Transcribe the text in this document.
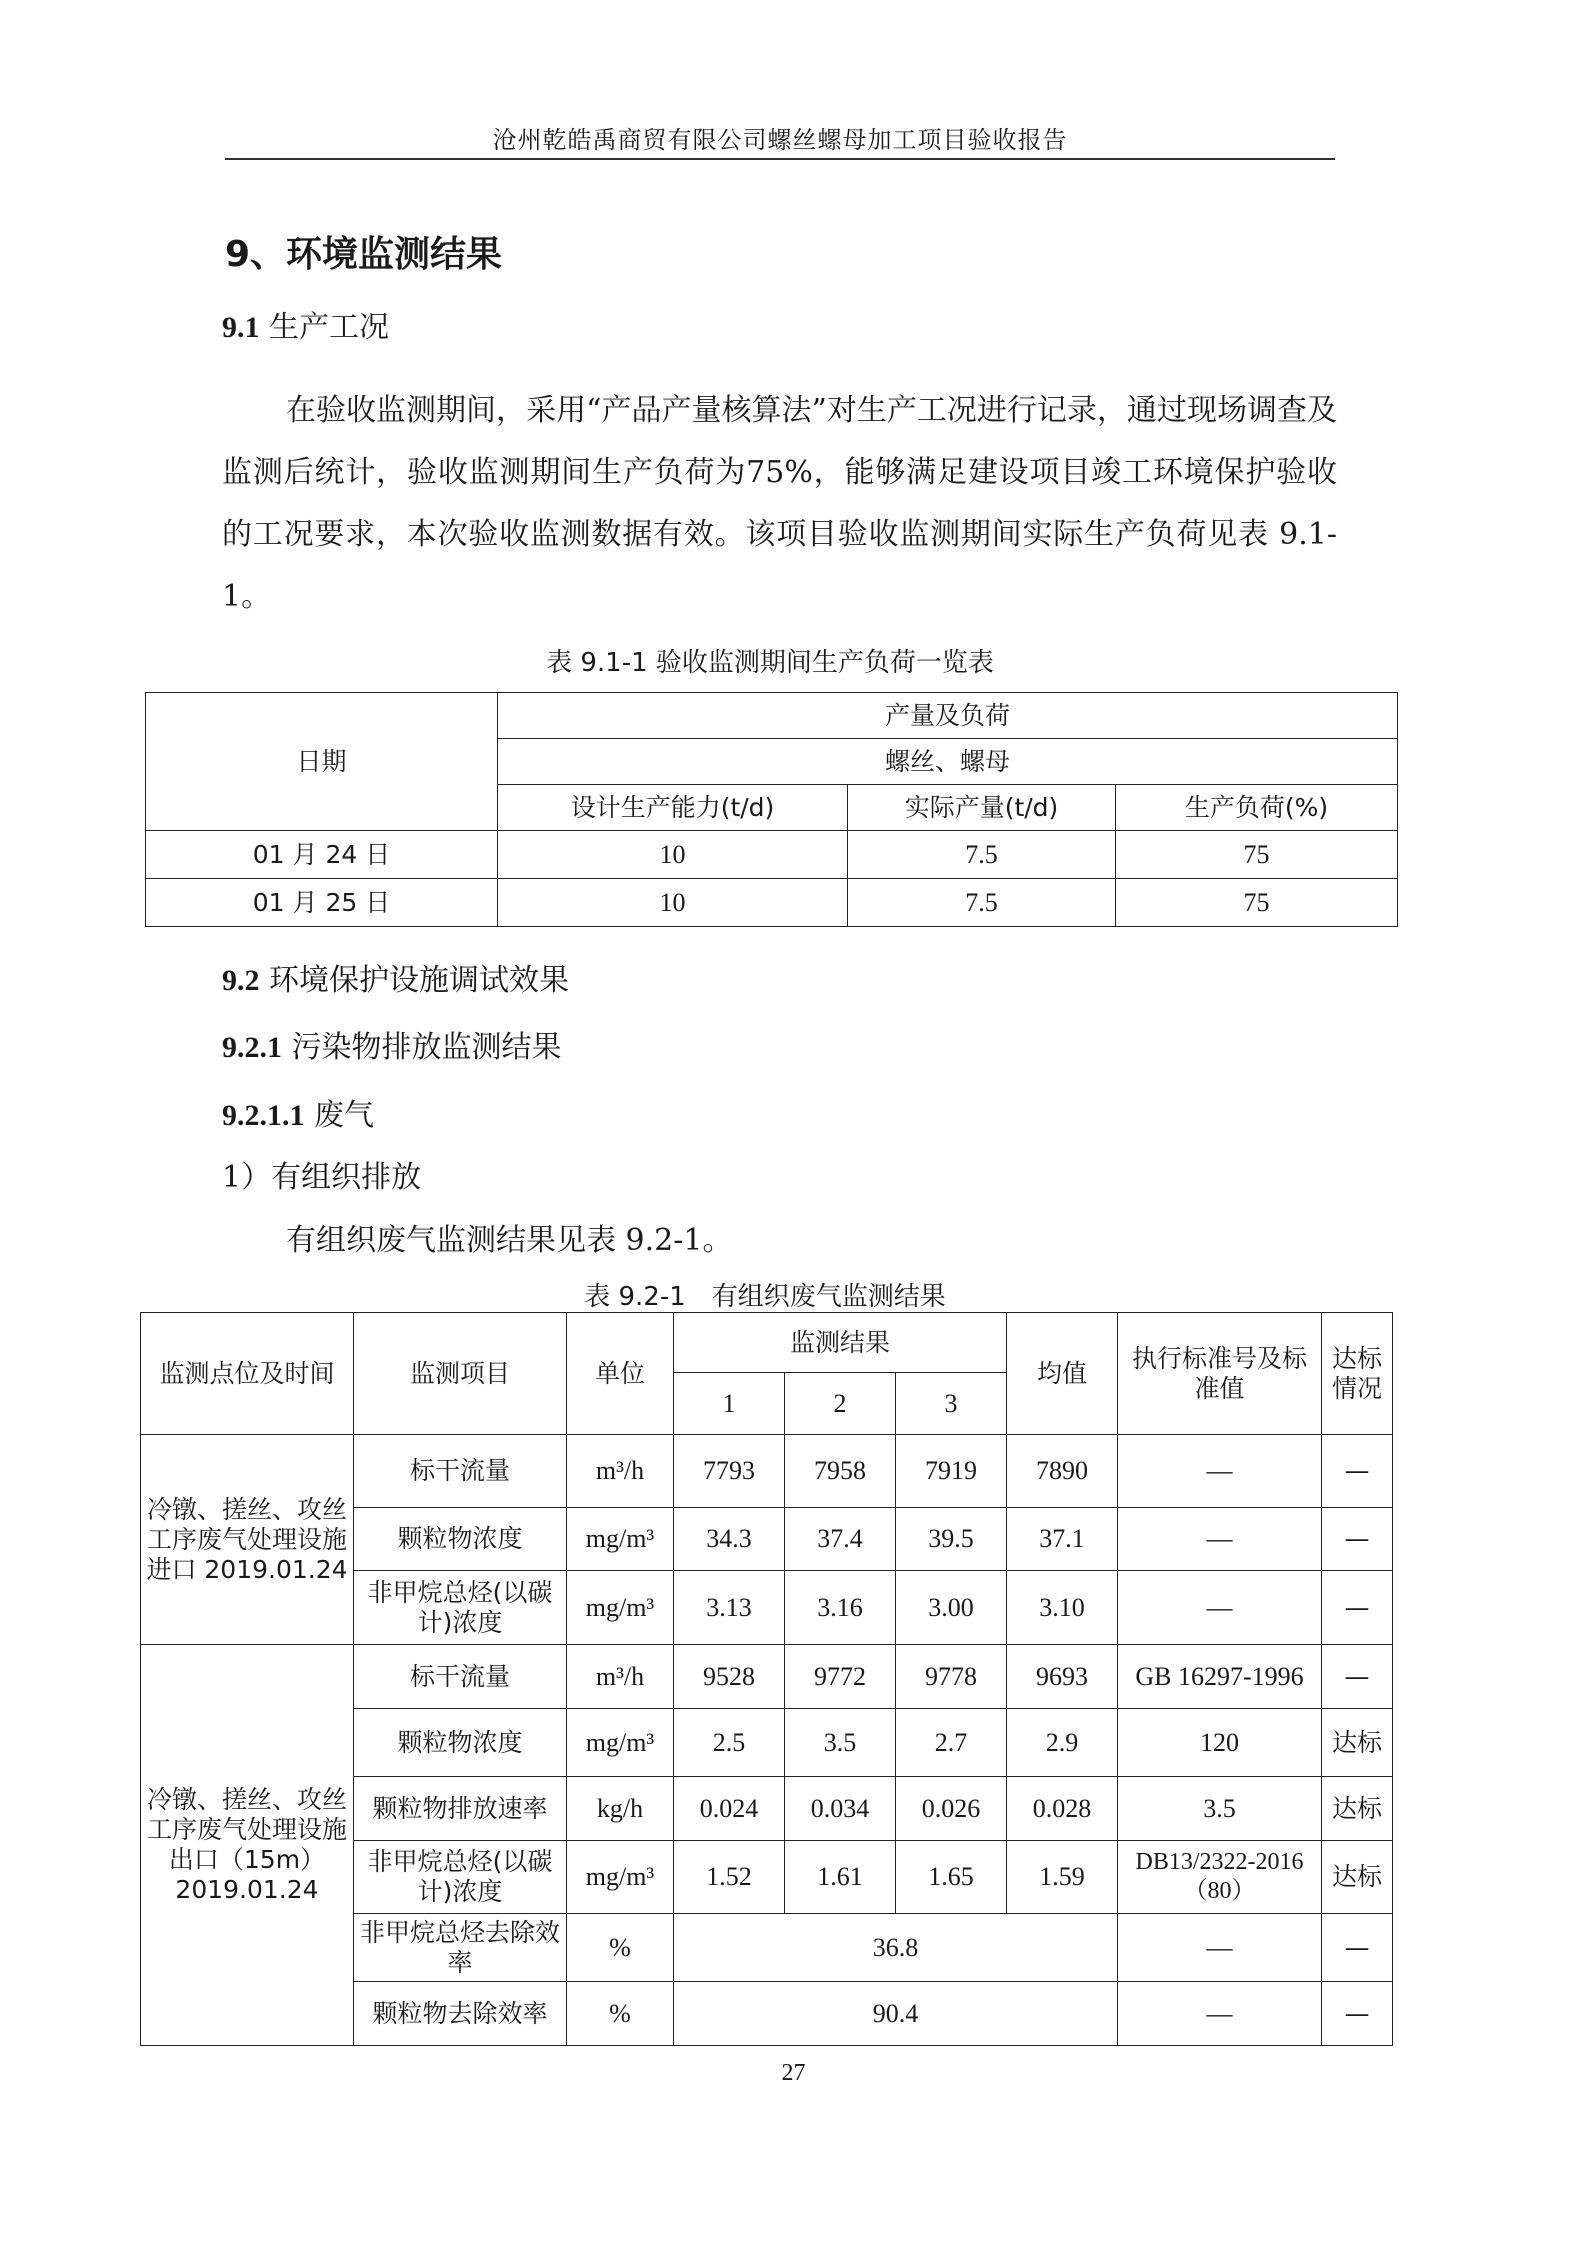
沧州乾皓禹商贸有限公司螺丝螺母加工项目验收报告
9、环境监测结果
9.1 生产工况
在验收监测期间，采用“产品产量核算法”对生产工况进行记录，通过现场调查及监测后统计，验收监测期间生产负荷为75%，能够满足建设项目竣工环境保护验收的工况要求，本次验收监测数据有效。该项目验收监测期间实际生产负荷见表 9.1-1。
表 9.1-1 验收监测期间生产负荷一览表
日期	产量及负荷		
	螺丝、螺母		
	设计生产能力(t/d)	实际产量(t/d)	生产负荷(%)
01 月 24 日	10	7.5	75
01 月 25 日	10	7.5	75
9.2 环境保护设施调试效果
9.2.1 污染物排放监测结果
9.2.1.1 废气
1）有组织排放
有组织废气监测结果见表 9.2-1。
表 9.2-1　有组织废气监测结果
监测点位及时间	监测项目	单位	监测结果			均值	执行标准号及标准值	达标情况
			1	2	3			
冷镦、搓丝、攻丝工序废气处理设施进口 2019.01.24	标干流量	m³/h	7793	7958	7919	7890	—	—
	颗粒物浓度	mg/m³	34.3	37.4	39.5	37.1	—	—
	非甲烷总烃(以碳计)浓度	mg/m³	3.13	3.16	3.00	3.10	—	—
冷镦、搓丝、攻丝工序废气处理设施出口（15m） 2019.01.24	标干流量	m³/h	9528	9772	9778	9693	GB 16297-1996	—
	颗粒物浓度	mg/m³	2.5	3.5	2.7	2.9	120	达标
	颗粒物排放速率	kg/h	0.024	0.034	0.026	0.028	3.5	达标
	非甲烷总烃(以碳计)浓度	mg/m³	1.52	1.61	1.65	1.59	DB13/2322-2016（80）	达标
	非甲烷总烃去除效率	%	36.8				—	—
	颗粒物去除效率	%	90.4				—	—
27
